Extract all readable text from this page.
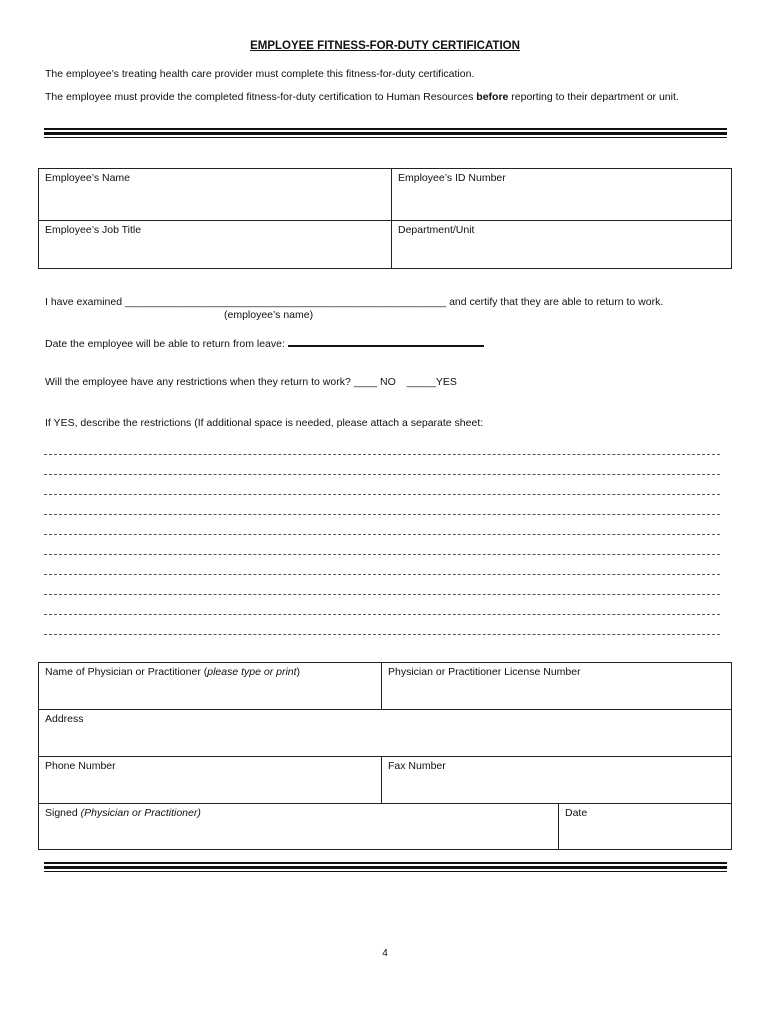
EMPLOYEE FITNESS-FOR-DUTY CERTIFICATION
The employee’s treating health care provider must complete this fitness-for-duty certification.
The employee must provide the completed fitness-for-duty certification to Human Resources before reporting to their department or unit.
Employee’s Name	Employee’s ID Number
Employee’s Job Title	Department/Unit
I have examined _______________________________________________________ and certify that they are able to return to work.
(employee’s name)
Date the employee will be able to return from leave:
Will the employee have any restrictions when they return to work? ____ NO _____YES
If YES, describe the restrictions (If additional space is needed, please attach a separate sheet:
Name of Physician or Practitioner (please type or print)	Physician or Practitioner License Number	
Address		
Phone Number	Fax Number	
Signed (Physician or Practitioner)		Date
4
